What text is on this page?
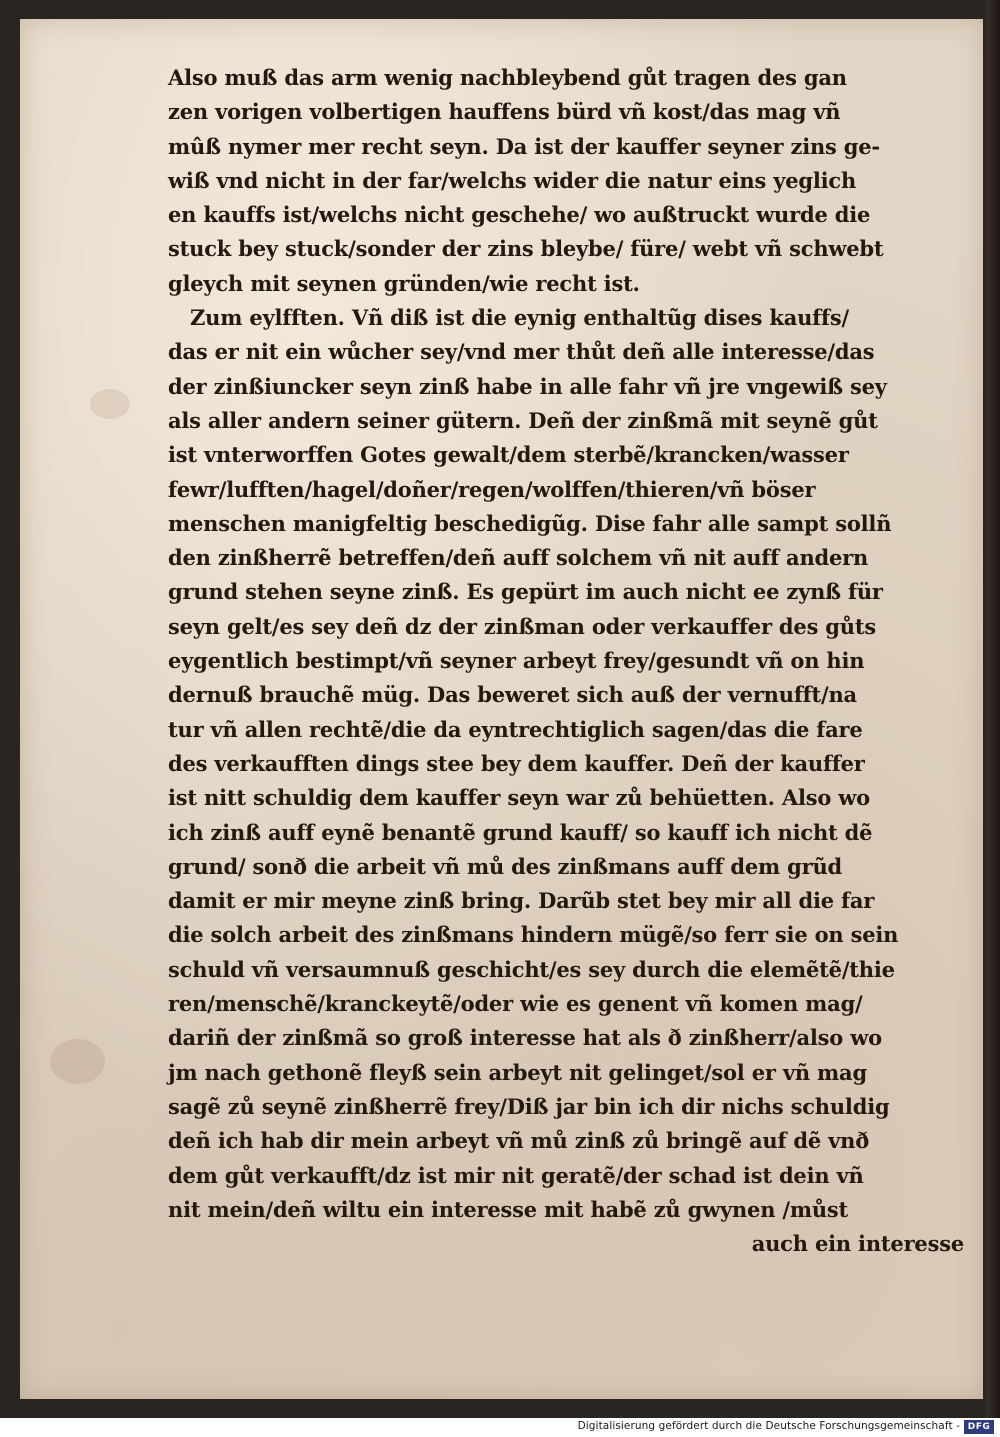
Also muß das arm wenig nachbleybend gůt tragen des gan
zen vorigen volbertigen hauffens bürd vñ kost/das mag vñ
mûß nymer mer recht seyn. Da ist der kauffer seyner zins ge-
wiß vnd nicht in der far/welchs wider die natur eins yeglich
en kauffs ist/welchs nicht geschehe/ wo außtruckt wurde die
stuck bey stuck/sonder der zins bleybe/ füre/ webt vñ schwebt
gleych mit seynen gründen/wie recht ist.
Zum eylfften. Vñ diß ist die eynig enthaltũg dises kauffs/
das er nit ein wůcher sey/vnd mer thůt deñ alle interesse/das
der zinßiuncker seyn zinß habe in alle fahr vñ jre vngewiß sey
als aller andern seiner gütern. Deñ der zinßmã mit seynẽ gůt
ist vnterworffen Gotes gewalt/dem sterbẽ/krancken/wasser
fewr/lufften/hagel/doñer/regen/wolffen/thieren/vñ böser
menschen manigfeltig beschedigũg. Dise fahr alle sampt sollñ
den zinßherrẽ betreffen/deñ auff solchem vñ nit auff andern
grund stehen seyne zinß. Es gepürt im auch nicht ee zynß für
seyn gelt/es sey deñ dz der zinßman oder verkauffer des gůts
eygentlich bestimpt/vñ seyner arbeyt frey/gesundt vñ on hin
dernuß brauchẽ müg. Das beweret sich auß der vernufft/na
tur vñ allen rechtẽ/die da eyntrechtiglich sagen/das die fare
des verkaufften dings stee bey dem kauffer. Deñ der kauffer
ist nitt schuldig dem kauffer seyn war zů behüetten. Also wo
ich zinß auff eynẽ benantẽ grund kauff/ so kauff ich nicht dẽ
grund/ sonð die arbeit vñ mů des zinßmans auff dem grũd
damit er mir meyne zinß bring. Darũb stet bey mir all die far
die solch arbeit des zinßmans hindern mügẽ/so ferr sie on sein
schuld vñ versaumnuß geschicht/es sey durch die elemẽtẽ/thie
ren/menschẽ/kranckeytẽ/oder wie es genent vñ komen mag/
dariñ der zinßmã so groß interesse hat als ð zinßherr/also wo
jm nach gethonẽ fleyß sein arbeyt nit gelinget/sol er vñ mag
sagẽ zů seynẽ zinßherrẽ frey/Diß jar bin ich dir nichs schuldig
deñ ich hab dir mein arbeyt vñ mů zinß zů bringẽ auf dẽ vnð
dem gůt verkaufft/dz ist mir nit geratẽ/der schad ist dein vñ
nit mein/deñ wiltu ein interesse mit habẽ zů gwynen /můst
auch ein interesse
Digitalisierung gefördert durch die Deutsche Forschungsgemeinschaft - DFG
